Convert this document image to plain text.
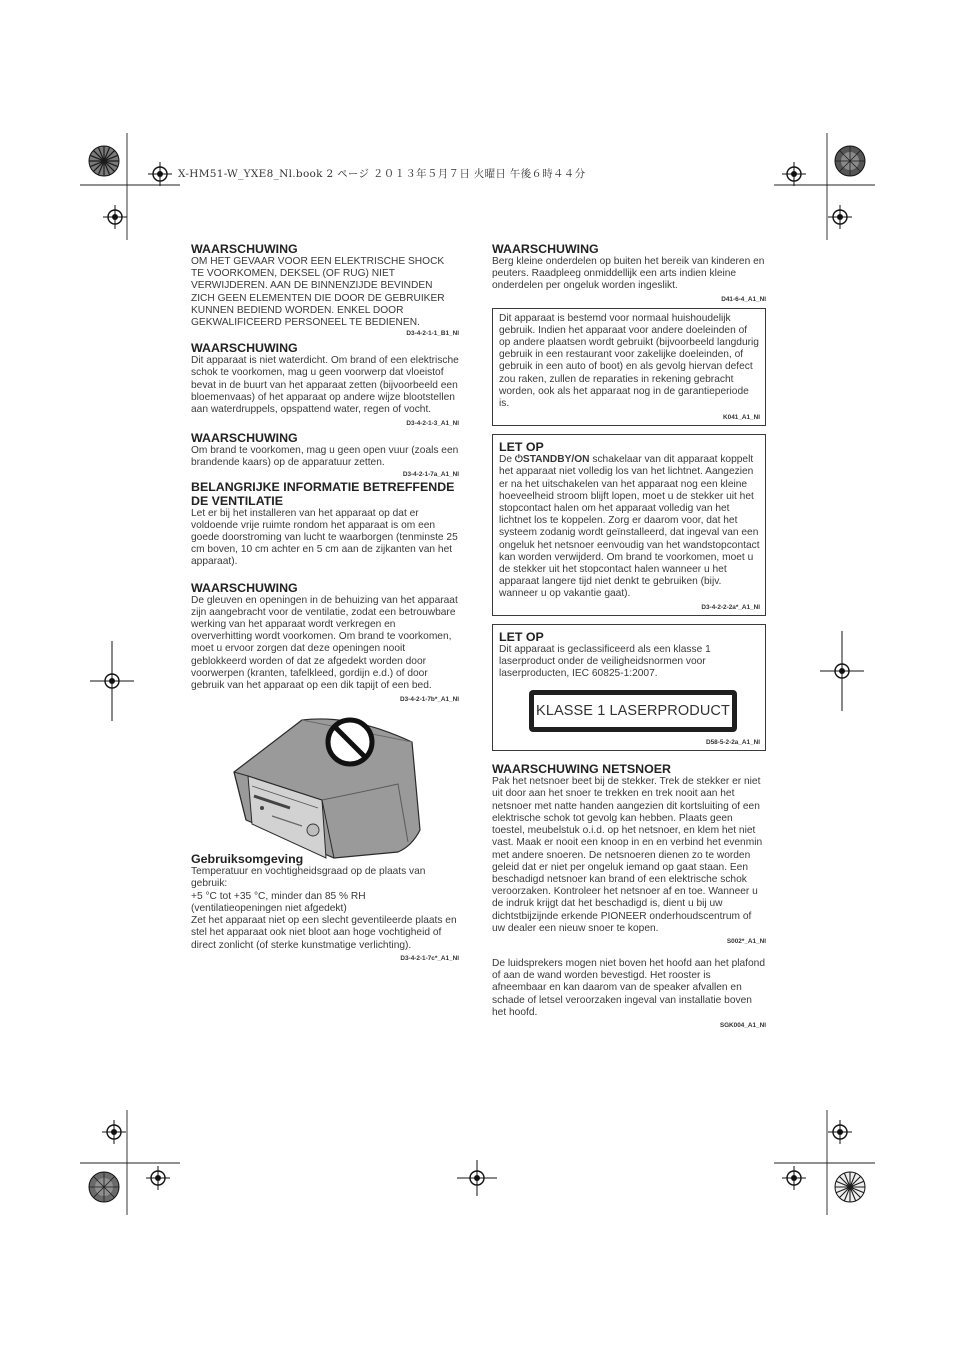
X-HM51-W_YXE8_Nl.book 2 ページ ２０１３年５月７日 火曜日 午後６時４４分

WAARSCHUWING

OM HET GEVAAR VOOR EEN ELEKTRISCHE SHOCK TE VOORKOMEN, DEKSEL (OF RUG) NIET VERWIJDEREN. AAN DE BINNENZIJDE BEVINDEN ZICH GEEN ELEMENTEN DIE DOOR DE GEBRUIKER KUNNEN BEDIEND WORDEN. ENKEL DOOR GEKWALIFICEERD PERSONEEL TE BEDIENEN.

D3-4-2-1-1_B1_Nl

WAARSCHUWING

Dit apparaat is niet waterdicht. Om brand of een elektrische schok te voorkomen, mag u geen voorwerp dat vloeistof bevat in de buurt van het apparaat zetten (bijvoorbeeld een bloemenvaas) of het apparaat op andere wijze blootstellen aan waterdruppels, opspattend water, regen of vocht.

D3-4-2-1-3_A1_Nl

WAARSCHUWING

Om brand te voorkomen, mag u geen open vuur (zoals een brandende kaars) op de apparatuur zetten.

D3-4-2-1-7a_A1_Nl

BELANGRIJKE INFORMATIE BETREFFENDE DE VENTILATIE

Let er bij het installeren van het apparaat op dat er voldoende vrije ruimte rondom het apparaat is om een goede doorstroming van lucht te waarborgen (tenminste 25 cm boven, 10 cm achter en 5 cm aan de zijkanten van het apparaat).

WAARSCHUWING

De gleuven en openingen in de behuizing van het apparaat zijn aangebracht voor de ventilatie, zodat een betrouwbare werking van het apparaat wordt verkregen en oververhitting wordt voorkomen. Om brand te voorkomen, moet u ervoor zorgen dat deze openingen nooit geblokkeerd worden of dat ze afgedekt worden door voorwerpen (kranten, tafelkleed, gordijn e.d.) of door gebruik van het apparaat op een dik tapijt of een bed.

D3-4-2-1-7b*_A1_Nl

Gebruiksomgeving

Temperatuur en vochtigheidsgraad op de plaats van gebruik:

+5 °C tot +35 °C, minder dan 85 % RH (ventilatieopeningen niet afgedekt)

Zet het apparaat niet op een slecht geventileerde plaats en stel het apparaat ook niet bloot aan hoge vochtigheid of direct zonlicht (of sterke kunstmatige verlichting).

D3-4-2-1-7c*_A1_Nl

WAARSCHUWING

Berg kleine onderdelen op buiten het bereik van kinderen en peuters. Raadpleeg onmiddellijk een arts indien kleine onderdelen per ongeluk worden ingeslikt.

D41-6-4_A1_Nl

Dit apparaat is bestemd voor normaal huishoudelijk gebruik. Indien het apparaat voor andere doeleinden of op andere plaatsen wordt gebruikt (bijvoorbeeld langdurig gebruik in een restaurant voor zakelijke doeleinden, of gebruik in een auto of boot) en als gevolg hiervan defect zou raken, zullen de reparaties in rekening gebracht worden, ook als het apparaat nog in de garantieperiode is.

K041_A1_Nl

LET OP

De ⏻STANDBY/ON schakelaar van dit apparaat koppelt het apparaat niet volledig los van het lichtnet. Aangezien er na het uitschakelen van het apparaat nog een kleine hoeveelheid stroom blijft lopen, moet u de stekker uit het stopcontact halen om het apparaat volledig van het lichtnet los te koppelen. Zorg er daarom voor, dat het systeem zodanig wordt geïnstalleerd, dat ingeval van een ongeluk het netsnoer eenvoudig van het wandstopcontact kan worden verwijderd. Om brand te voorkomen, moet u de stekker uit het stopcontact halen wanneer u het apparaat langere tijd niet denkt te gebruiken (bijv. wanneer u op vakantie gaat).

D3-4-2-2-2a*_A1_Nl

LET OP

Dit apparaat is geclassificeerd als een klasse 1 laserproduct onder de veiligheidsnormen voor laserproducten, IEC 60825-1:2007.

KLASSE 1 LASERPRODUCT

D58-5-2-2a_A1_Nl

WAARSCHUWING NETSNOER

Pak het netsnoer beet bij de stekker. Trek de stekker er niet uit door aan het snoer te trekken en trek nooit aan het netsnoer met natte handen aangezien dit kortsluiting of een elektrische schok tot gevolg kan hebben. Plaats geen toestel, meubelstuk o.i.d. op het netsnoer, en klem het niet vast. Maak er nooit een knoop in en en verbind het evenmin met andere snoeren. De netsnoeren dienen zo te worden geleid dat er niet per ongeluk iemand op gaat staan. Een beschadigd netsnoer kan brand of een elektrische schok veroorzaken. Kontroleer het netsnoer af en toe. Wanneer u de indruk krijgt dat het beschadigd is, dient u bij uw dichtstbijzijnde erkende PIONEER onderhoudscentrum of uw dealer een nieuw snoer te kopen.

S002*_A1_Nl

De luidsprekers mogen niet boven het hoofd aan het plafond of aan de wand worden bevestigd. Het rooster is afneembaar en kan daarom van de speaker afvallen en schade of letsel veroorzaken ingeval van installatie boven het hoofd.

SGK004_A1_Nl
